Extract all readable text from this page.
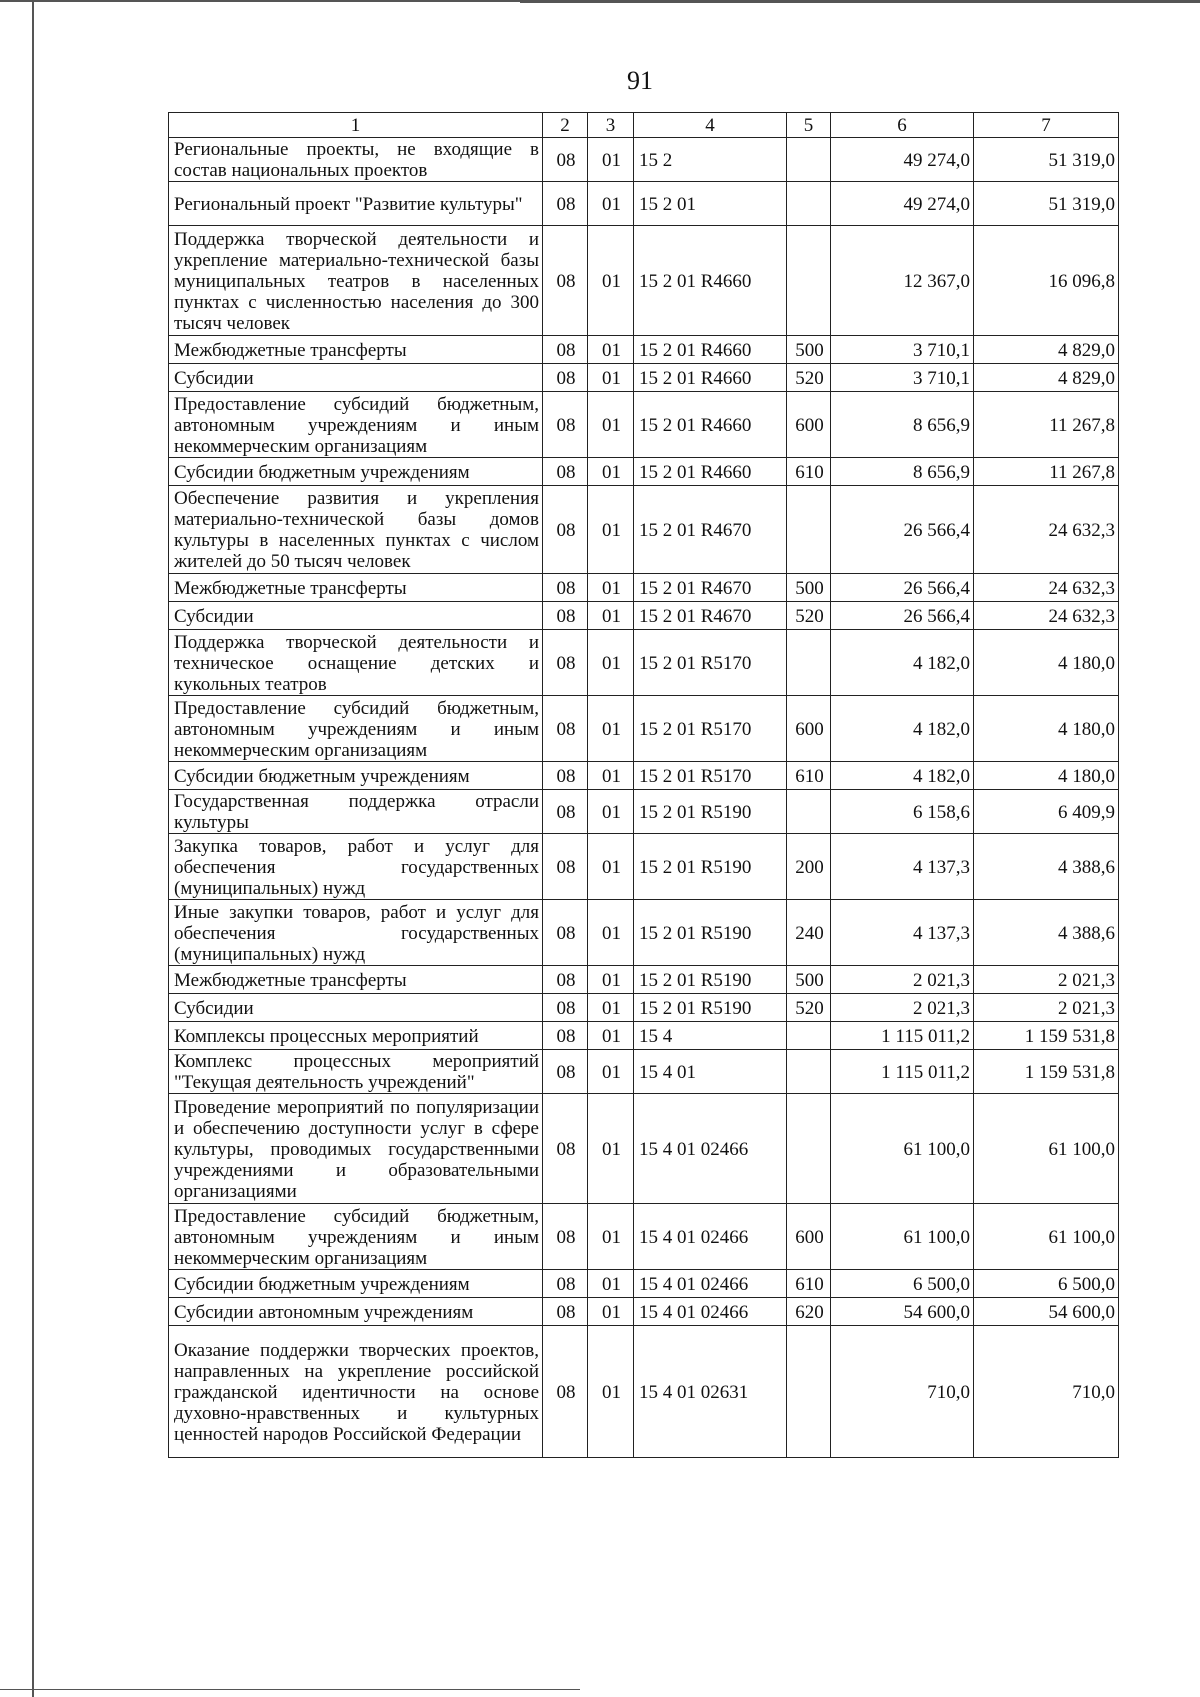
91
1	2	3	4	5	6	7
Региональные проекты, не входящие в состав национальных проектов	08	01	15 2		49 274,0	51 319,0
Региональный проект "Развитие культуры"	08	01	15 2 01		49 274,0	51 319,0
Поддержка творческой деятельности и укрепление материально-технической базы муниципальных театров в населенных пунктах с численностью населения до 300 тысяч человек	08	01	15 2 01 R4660		12 367,0	16 096,8
Межбюджетные трансферты	08	01	15 2 01 R4660	500	3 710,1	4 829,0
Субсидии	08	01	15 2 01 R4660	520	3 710,1	4 829,0
Предоставление субсидий бюджетным, автономным учреждениям и иным некоммерческим организациям	08	01	15 2 01 R4660	600	8 656,9	11 267,8
Субсидии бюджетным учреждениям	08	01	15 2 01 R4660	610	8 656,9	11 267,8
Обеспечение развития и укрепления материально-технической базы домов культуры в населенных пунктах с числом жителей до 50 тысяч человек	08	01	15 2 01 R4670		26 566,4	24 632,3
Межбюджетные трансферты	08	01	15 2 01 R4670	500	26 566,4	24 632,3
Субсидии	08	01	15 2 01 R4670	520	26 566,4	24 632,3
Поддержка творческой деятельности и техническое оснащение детских и кукольных театров	08	01	15 2 01 R5170		4 182,0	4 180,0
Предоставление субсидий бюджетным, автономным учреждениям и иным некоммерческим организациям	08	01	15 2 01 R5170	600	4 182,0	4 180,0
Субсидии бюджетным учреждениям	08	01	15 2 01 R5170	610	4 182,0	4 180,0
Государственная поддержка отрасли культуры	08	01	15 2 01 R5190		6 158,6	6 409,9
Закупка товаров, работ и услуг для обеспечения государственных (муниципальных) нужд	08	01	15 2 01 R5190	200	4 137,3	4 388,6
Иные закупки товаров, работ и услуг для обеспечения государственных (муниципальных) нужд	08	01	15 2 01 R5190	240	4 137,3	4 388,6
Межбюджетные трансферты	08	01	15 2 01 R5190	500	2 021,3	2 021,3
Субсидии	08	01	15 2 01 R5190	520	2 021,3	2 021,3
Комплексы процессных мероприятий	08	01	15 4		1 115 011,2	1 159 531,8
Комплекс процессных мероприятий "Текущая деятельность учреждений"	08	01	15 4 01		1 115 011,2	1 159 531,8
Проведение мероприятий по популяризации и обеспечению доступности услуг в сфере культуры, проводимых государственными учреждениями и образовательными организациями	08	01	15 4 01 02466		61 100,0	61 100,0
Предоставление субсидий бюджетным, автономным учреждениям и иным некоммерческим организациям	08	01	15 4 01 02466	600	61 100,0	61 100,0
Субсидии бюджетным учреждениям	08	01	15 4 01 02466	610	6 500,0	6 500,0
Субсидии автономным учреждениям	08	01	15 4 01 02466	620	54 600,0	54 600,0
Оказание поддержки творческих проектов, направленных на укрепление российской гражданской идентичности на основе духовно-нравственных и культурных ценностей народов Российской Федерации	08	01	15 4 01 02631		710,0	710,0
